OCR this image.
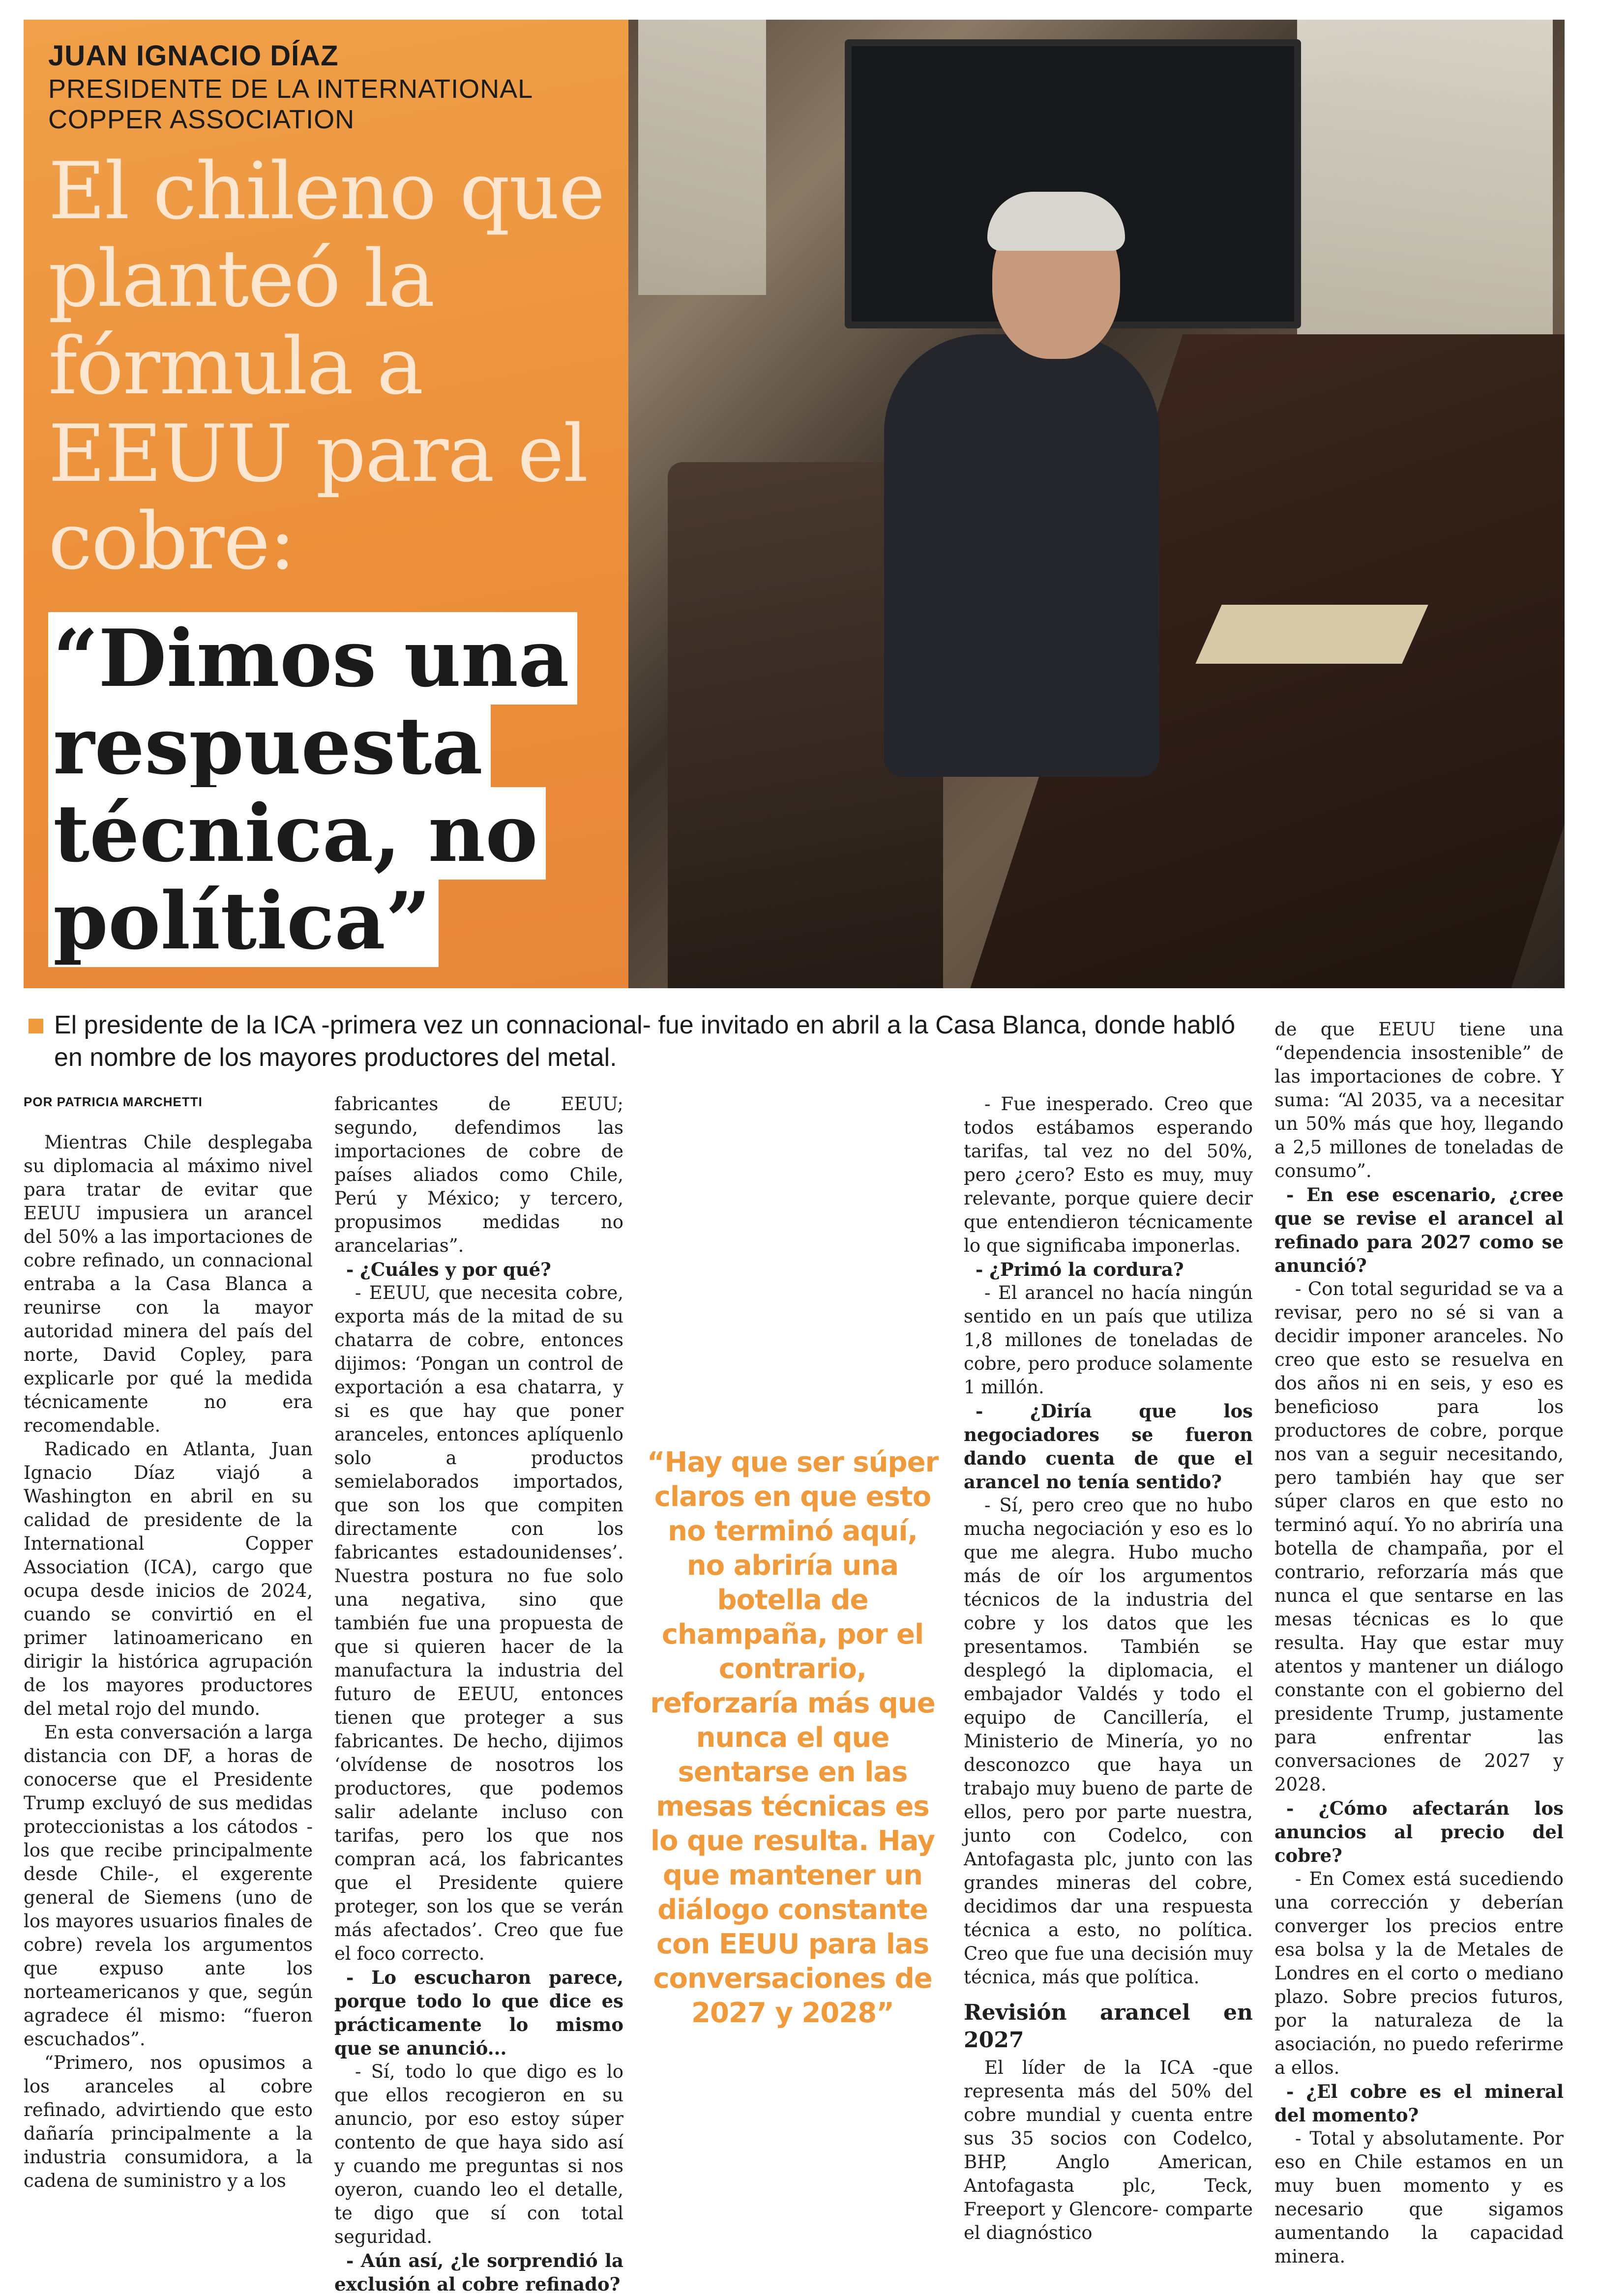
JUAN IGNACIO DÍAZ

PRESIDENTE DE LA INTERNATIONAL COPPER ASSOCIATION

El chileno que planteó la fórmula a EEUU para el cobre:
“Dimos una respuesta técnica, no política”

El presidente de la ICA -primera vez un connacional- fue invitado en abril a la Casa Blanca, donde habló en nombre de los mayores productores del metal.

POR PATRICIA MARCHETTI

Mientras Chile desplegaba su diplomacia al máximo nivel para tratar de evitar que EEUU impusiera un arancel del 50% a las importaciones de cobre refinado, un connacional entraba a la Casa Blanca a reunirse con la mayor autoridad minera del país del norte, David Copley, para explicarle por qué la medida técnicamente no era recomendable.

Radicado en Atlanta, Juan Ignacio Díaz viajó a Washington en abril en su calidad de presidente de la International Copper Association (ICA), cargo que ocupa desde inicios de 2024, cuando se convirtió en el primer latinoamericano en dirigir la histórica agrupación de los mayores productores del metal rojo del mundo.

En esta conversación a larga distancia con DF, a horas de conocerse que el Presidente Trump excluyó de sus medidas proteccionistas a los cátodos -los que recibe principalmente desde Chile-, el exgerente general de Siemens (uno de los mayores usuarios finales de cobre) revela los argumentos que expuso ante los norteamericanos y que, según agradece él mismo: “fueron escuchados”.

“Primero, nos opusimos a los aranceles al cobre refinado, advirtiendo que esto dañaría principalmente a la industria consumidora, a la cadena de suministro y a los

fabricantes de EEUU; segundo, defendimos las importaciones de cobre de países aliados como Chile, Perú y México; y tercero, propusimos medidas no arancelarias”.

- ¿Cuáles y por qué?

- EEUU, que necesita cobre, exporta más de la mitad de su chatarra de cobre, entonces dijimos: ‘Pongan un control de exportación a esa chatarra, y si es que hay que poner aranceles, entonces aplíquenlo solo a productos semielaborados importados, que son los que compiten directamente con los fabricantes estadounidenses’. Nuestra postura no fue solo una negativa, sino que también fue una propuesta de que si quieren hacer de la manufactura la industria del futuro de EEUU, entonces tienen que proteger a sus fabricantes. De hecho, dijimos ‘olvídense de nosotros los productores, que podemos salir adelante incluso con tarifas, pero los que nos compran acá, los fabricantes que el Presidente quiere proteger, son los que se verán más afectados’. Creo que fue el foco correcto.

- Lo escucharon parece, porque todo lo que dice es prácticamente lo mismo que se anunció...

- Sí, todo lo que digo es lo que ellos recogieron en su anuncio, por eso estoy súper contento de que haya sido así y cuando me preguntas si nos oyeron, cuando leo el detalle, te digo que sí con total seguridad.

- Aún así, ¿le sorprendió la exclusión al cobre refinado?

“Hay que ser súper claros en que esto no terminó aquí, no abriría una botella de champaña, por el contrario, reforzaría más que nunca el que sentarse en las mesas técnicas es lo que resulta. Hay que mantener un diálogo constante con EEUU para las conversaciones de 2027 y 2028”

- Fue inesperado. Creo que todos estábamos esperando tarifas, tal vez no del 50%, pero ¿cero? Esto es muy, muy relevante, porque quiere decir que entendieron técnicamente lo que significaba imponerlas.

- ¿Primó la cordura?

- El arancel no hacía ningún sentido en un país que utiliza 1,8 millones de toneladas de cobre, pero produce solamente 1 millón.

- ¿Diría que los negociadores se fueron dando cuenta de que el arancel no tenía sentido?

- Sí, pero creo que no hubo mucha negociación y eso es lo que me alegra. Hubo mucho más de oír los argumentos técnicos de la industria del cobre y los datos que les presentamos. También se desplegó la diplomacia, el embajador Valdés y todo el equipo de Cancillería, el Ministerio de Minería, yo no desconozco que haya un trabajo muy bueno de parte de ellos, pero por parte nuestra, junto con Codelco, con Antofagasta plc, junto con las grandes mineras del cobre, decidimos dar una respuesta técnica a esto, no política. Creo que fue una decisión muy técnica, más que política.

Revisión arancel en 2027

El líder de la ICA -que representa más del 50% del cobre mundial y cuenta entre sus 35 socios con Codelco, BHP, Anglo American, Antofagasta plc, Teck, Freeport y Glencore- comparte el diagnóstico

de que EEUU tiene una “dependencia insostenible” de las importaciones de cobre. Y suma: “Al 2035, va a necesitar un 50% más que hoy, llegando a 2,5 millones de toneladas de consumo”.

- En ese escenario, ¿cree que se revise el arancel al refinado para 2027 como se anunció?

- Con total seguridad se va a revisar, pero no sé si van a decidir imponer aranceles. No creo que esto se resuelva en dos años ni en seis, y eso es beneficioso para los productores de cobre, porque nos van a seguir necesitando, pero también hay que ser súper claros en que esto no terminó aquí. Yo no abriría una botella de champaña, por el contrario, reforzaría más que nunca el que sentarse en las mesas técnicas es lo que resulta. Hay que estar muy atentos y mantener un diálogo constante con el gobierno del presidente Trump, justamente para enfrentar las conversaciones de 2027 y 2028.

- ¿Cómo afectarán los anuncios al precio del cobre?

- En Comex está sucediendo una corrección y deberían converger los precios entre esa bolsa y la de Metales de Londres en el corto o mediano plazo. Sobre precios futuros, por la naturaleza de la asociación, no puedo referirme a ellos.

- ¿El cobre es el mineral del momento?

- Total y absolutamente. Por eso en Chile estamos en un muy buen momento y es necesario que sigamos aumentando la capacidad minera.
